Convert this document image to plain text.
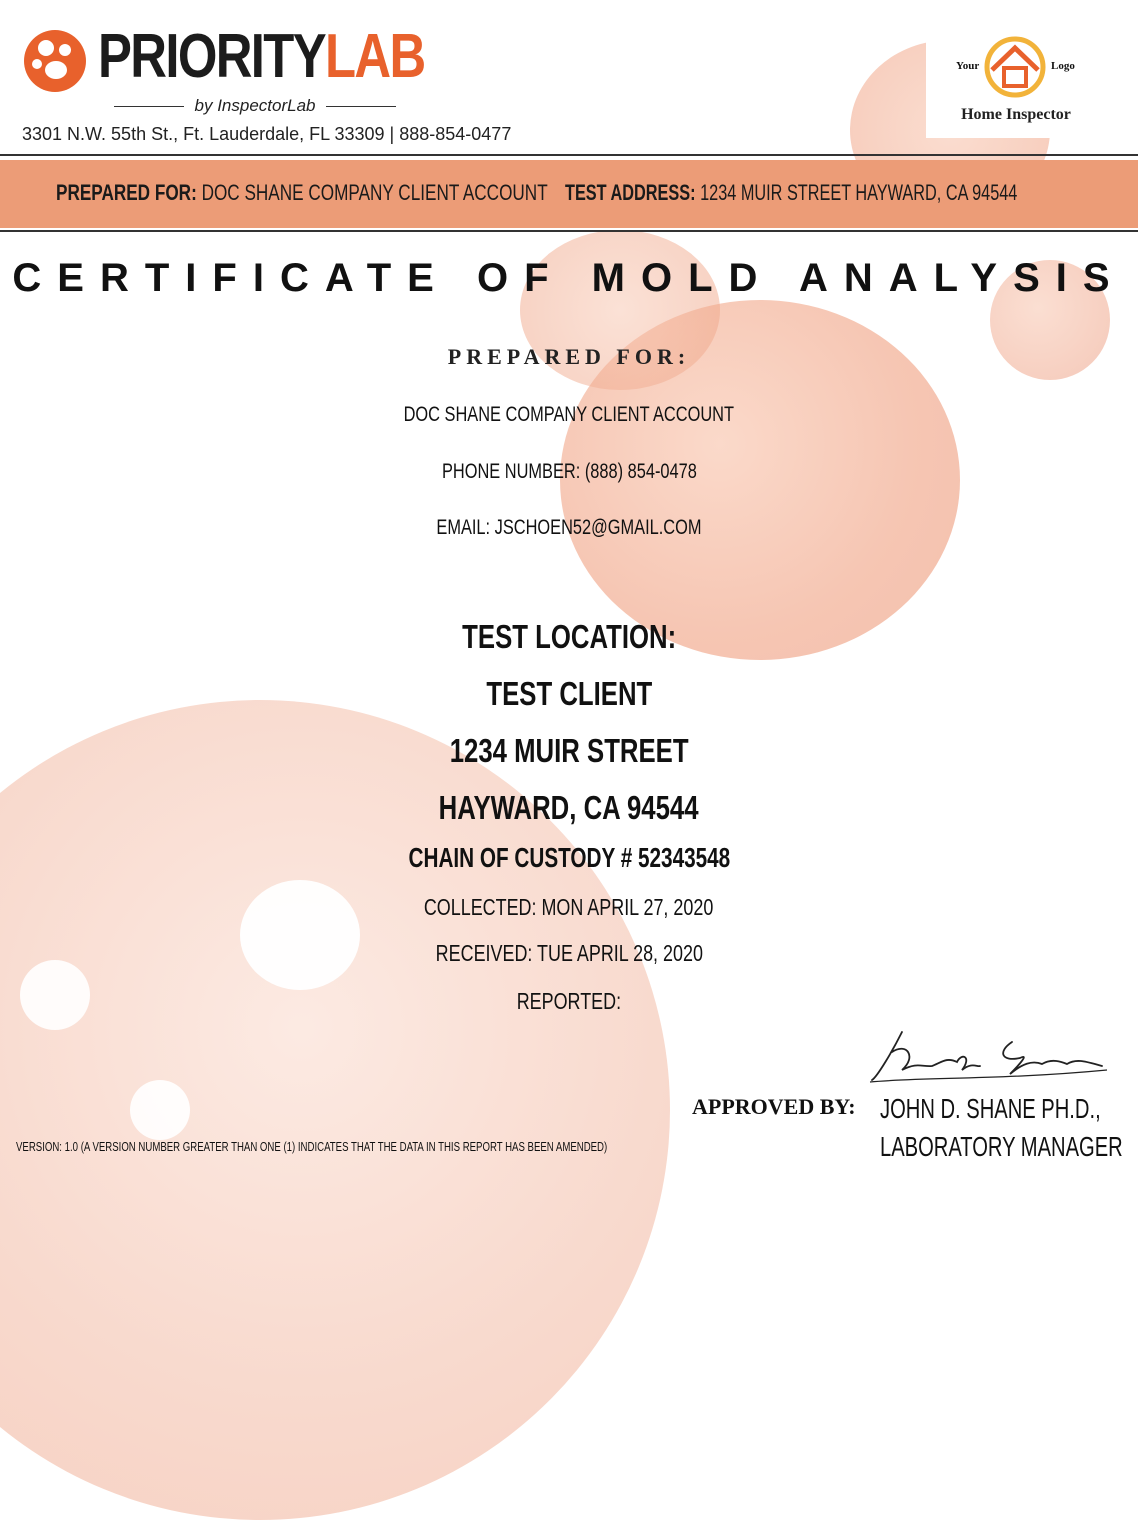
PRIORITYLAB
by InspectorLab
3301 N.W. 55th St., Ft. Lauderdale, FL 33309 | 888-854-0477
Your	Logo
Home Inspector
PREPARED FOR: DOC SHANE COMPANY CLIENT ACCOUNT TEST ADDRESS: 1234 MUIR STREET HAYWARD, CA 94544
CERTIFICATE OF MOLD ANALYSIS
PREPARED FOR:
DOC SHANE COMPANY CLIENT ACCOUNT
PHONE NUMBER: (888) 854-0478
EMAIL: JSCHOEN52@GMAIL.COM
TEST LOCATION:
TEST CLIENT
1234 MUIR STREET
HAYWARD, CA 94544
CHAIN OF CUSTODY # 52343548
COLLECTED: MON APRIL 27, 2020
RECEIVED: TUE APRIL 28, 2020
REPORTED:
APPROVED BY: JOHN D. SHANE PH.D.,
LABORATORY MANAGER
VERSION: 1.0 (A VERSION NUMBER GREATER THAN ONE (1) INDICATES THAT THE DATA IN THIS REPORT HAS BEEN AMENDED)
